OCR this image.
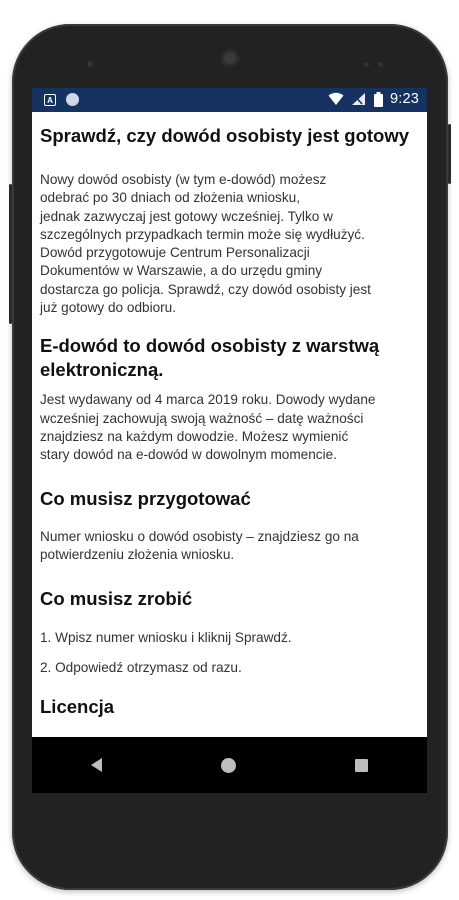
A	9:23
Sprawdź, czy dowód osobisty jest gotowy

Nowy dowód osobisty (w tym e-dowód) możesz

odebrać po 30 dniach od złożenia wniosku,

jednak zazwyczaj jest gotowy wcześniej. Tylko w

szczególnych przypadkach termin może się wydłużyć.

Dowód przygotowuje Centrum Personalizacji

Dokumentów w Warszawie, a do urzędu gminy

dostarcza go policja. Sprawdź, czy dowód osobisty jest

już gotowy do odbioru.

E-dowód to dowód osobisty z warstwą
elektroniczną.

Jest wydawany od 4 marca 2019 roku. Dowody wydane

wcześniej zachowują swoją ważność – datę ważności

znajdziesz na każdym dowodzie. Możesz wymienić

stary dowód na e-dowód w dowolnym momencie.

Co musisz przygotować

Numer wniosku o dowód osobisty – znajdziesz go na

potwierdzeniu złożenia wniosku.

Co musisz zrobić

1. Wpisz numer wniosku i kliknij Sprawdź.

2. Odpowiedź otrzymasz od razu.

Licencja
